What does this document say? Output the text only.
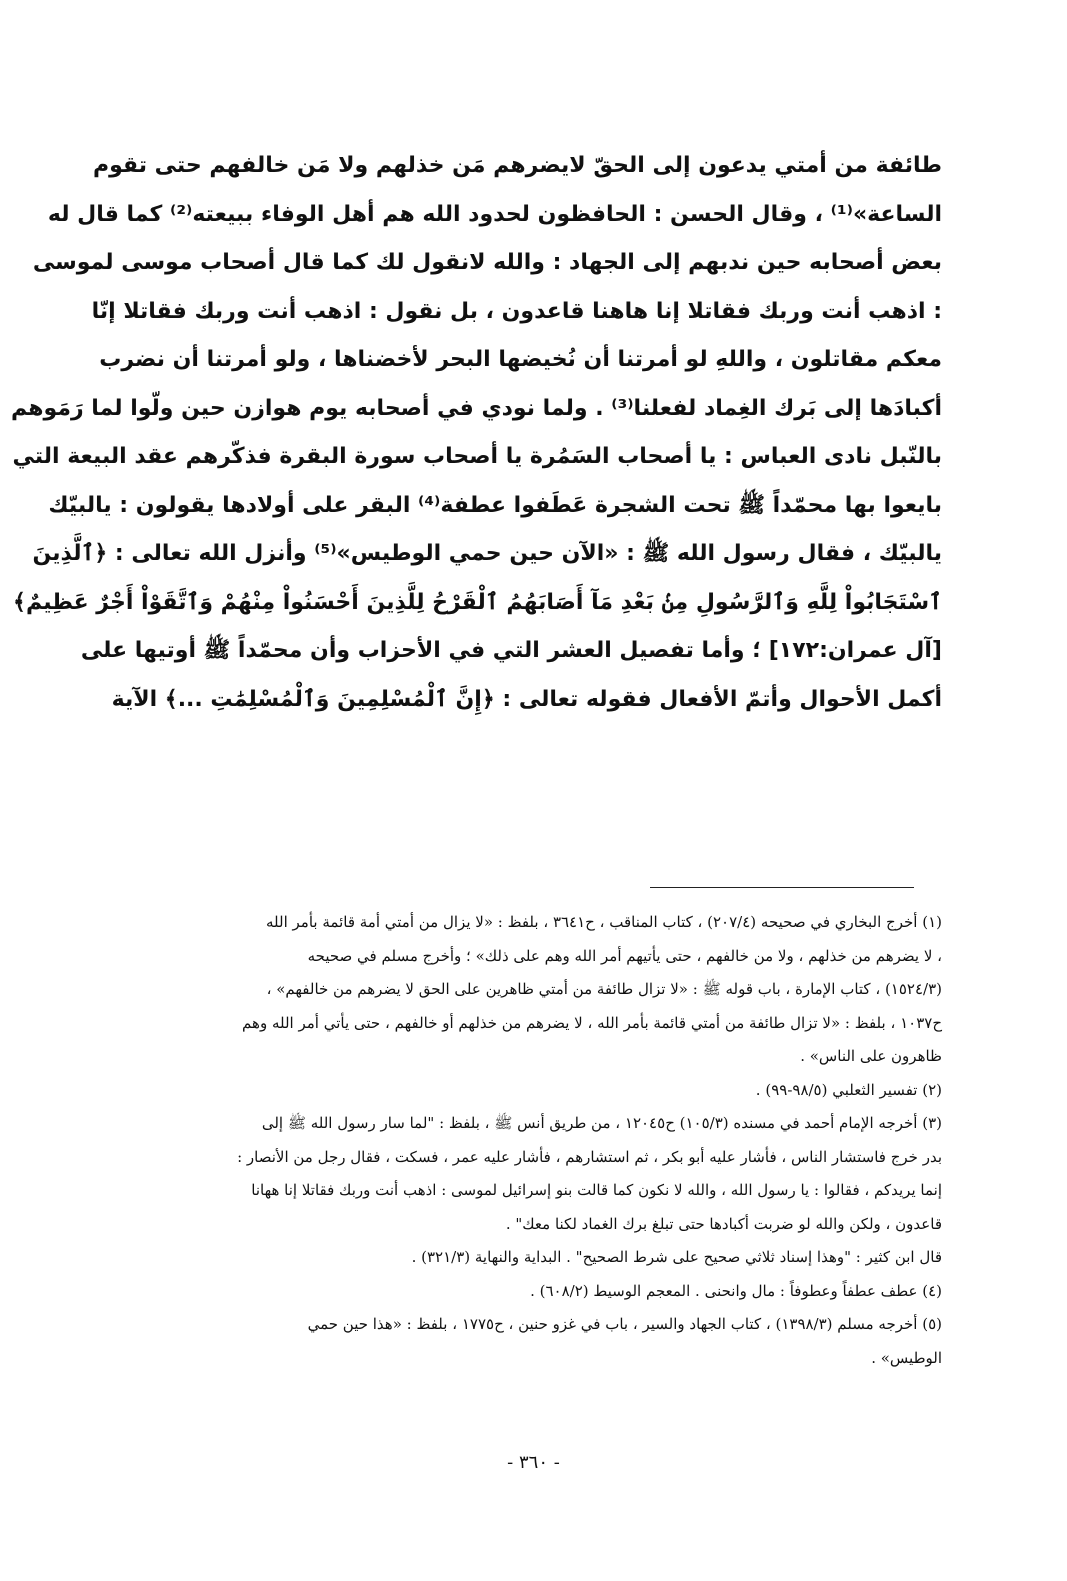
طائفة من أمتي يدعون إلى الحقّ لايضرهم مَن خذلهم ولا مَن خالفهم حتى تقوم
الساعة»⁽¹⁾ ، وقال الحسن : الحافظون لحدود الله هم أهل الوفاء ببيعته⁽²⁾ كما قال له
بعض أصحابه حين ندبهم إلى الجهاد : والله لانقول لك كما قال أصحاب موسى لموسى
: اذهب أنت وربك فقاتلا إنا هاهنا قاعدون ، بل نقول : اذهب أنت وربك فقاتلا إنّا
معكم مقاتلون ، واللهِ لو أمرتنا أن نُخيضها البحر لأخضناها ، ولو أمرتنا أن نضرب
أكبادَها إلى بَرك الغِماد لفعلنا⁽³⁾ . ولما نودي في أصحابه يوم هوازن حين ولّوا لما رَمَوهم
بالنّبل نادى العباس : يا أصحاب السَمُرة يا أصحاب سورة البقرة فذكّرهم عقد البيعة التي
بايعوا بها محمّداً ﷺ تحت الشجرة عَطَفوا عطفة⁽⁴⁾ البقر على أولادها يقولون : يالبيّك
يالبيّك ، فقال رسول الله ﷺ : «الآن حين حمي الوطيس»⁽⁵⁾ وأنزل الله تعالى : ﴿ٱلَّذِينَ
ٱسْتَجَابُواْ لِلَّهِ وَٱلرَّسُولِ مِنۢ بَعْدِ مَآ أَصَابَهُمُ ٱلْقَرْحُ لِلَّذِينَ أَحْسَنُواْ مِنْهُمْ وَٱتَّقَوْاْ أَجْرٌ عَظِيمٌ﴾
[آل عمران:١٧٢] ؛ وأما تفصيل العشر التي في الأحزاب وأن محمّداً ﷺ أوتيها على
أكمل الأحوال وأتمّ الأفعال فقوله تعالى : ﴿إِنَّ ٱلْمُسْلِمِينَ وَٱلْمُسْلِمَٰتِ ...﴾ الآية
(١) أخرج البخاري في صحيحه (٢٠٧/٤) ، كتاب المناقب ، ح٣٦٤١ ، بلفظ : «لا يزال من أمتي أمة قائمة بأمر الله
، لا يضرهم من خذلهم ، ولا من خالفهم ، حتى يأتيهم أمر الله وهم على ذلك» ؛ وأخرج مسلم في صحيحه
(١٥٢٤/٣) ، كتاب الإمارة ، باب قوله ﷺ : «لا تزال طائفة من أمتي ظاهرين على الحق لا يضرهم من خالفهم» ،
ح١٠٣٧ ، بلفظ : «لا تزال طائفة من أمتي قائمة بأمر الله ، لا يضرهم من خذلهم أو خالفهم ، حتى يأتي أمر الله وهم
ظاهرون على الناس» .
(٢) تفسير الثعلبي (٩٨/٥-٩٩) .
(٣) أخرجه الإمام أحمد في مسنده (١٠٥/٣) ح١٢٠٤٥ ، من طريق أنس ﷺ ، بلفظ : "لما سار رسول الله ﷺ إلى
بدر خرج فاستشار الناس ، فأشار عليه أبو بكر ، ثم استشارهم ، فأشار عليه عمر ، فسكت ، فقال رجل من الأنصار :
إنما يريدكم ، فقالوا : يا رسول الله ، والله لا نكون كما قالت بنو إسرائيل لموسى : اذهب أنت وربك فقاتلا إنا ههانا
قاعدون ، ولكن والله لو ضربت أكبادها حتى تبلغ برك الغماد لكنا معك" .
قال ابن كثير : "وهذا إسناد ثلاثي صحيح على شرط الصحيح" . البداية والنهاية (٣٢١/٣) .
(٤) عطف عطفاً وعطوفاً : مال وانحنى . المعجم الوسيط (٦٠٨/٢) .
(٥) أخرجه مسلم (١٣٩٨/٣) ، كتاب الجهاد والسير ، باب في غزو حنين ، ح١٧٧٥ ، بلفظ : «هذا حين حمي
الوطيس» .
- ٣٦٠ -
